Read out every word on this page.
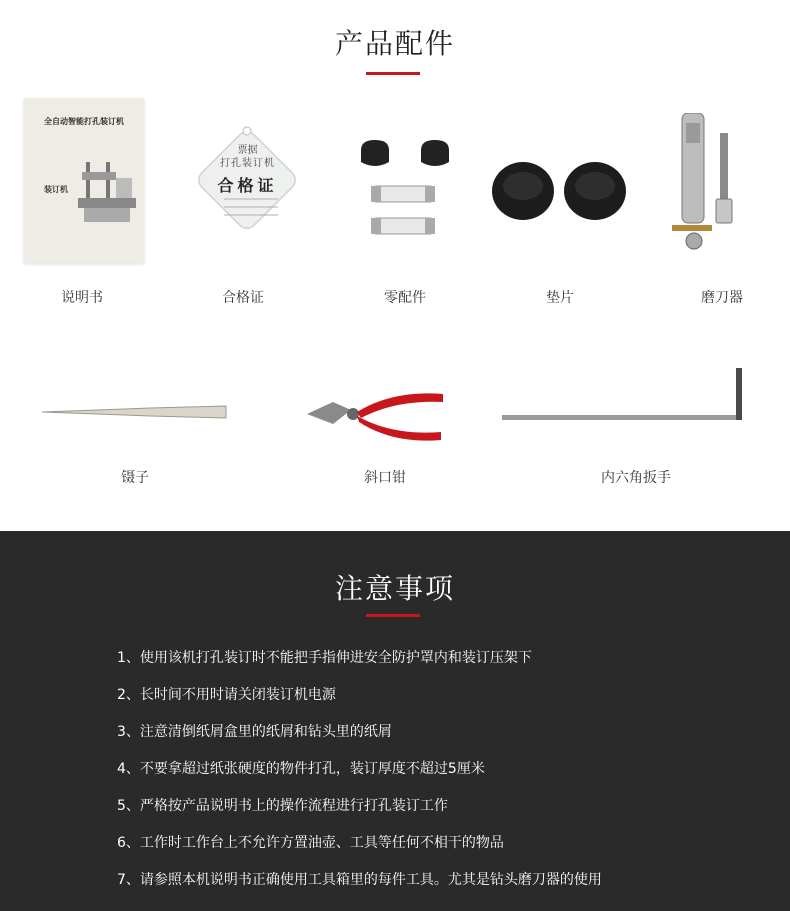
产品配件
全自动智能打孔装订机
装订机
说明书
票据
打孔装订机
合格证
合格证	零配件	垫片	磨刀器
镊子	斜口钳	内六角扳手
注意事项
1、使用该机打孔装订时不能把手指伸进安全防护罩内和装订压架下
2、长时间不用时请关闭装订机电源
3、注意清倒纸屑盒里的纸屑和钻头里的纸屑
4、不要拿超过纸张硬度的物件打孔，装订厚度不超过5厘米
5、严格按产品说明书上的操作流程进行打孔装订工作
6、工作时工作台上不允许方置油壶、工具等任何不相干的物品
7、请参照本机说明书正确使用工具箱里的每件工具。尤其是钻头磨刀器的使用
